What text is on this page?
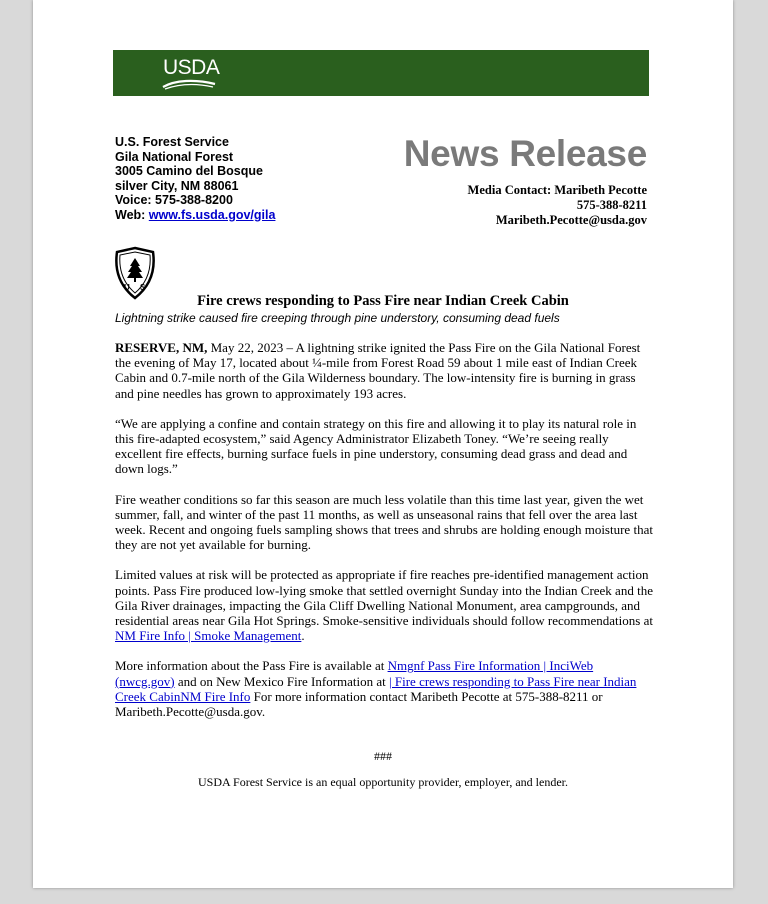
USDA
U.S. Forest Service
Gila National Forest
3005 Camino del Bosque
silver City, NM 88061
Voice: 575-388-8200
Web: www.fs.usda.gov/gila
News Release
Media Contact: Maribeth Pecotte
575-388-8211
Maribeth.Pecotte@usda.gov
U S
Fire crews responding to Pass Fire near Indian Creek Cabin
Lightning strike caused fire creeping through pine understory, consuming dead fuels

RESERVE, NM, May 22, 2023 – A lightning strike ignited the Pass Fire on the Gila National Forest the evening of May 17, located about ¼-mile from Forest Road 59 about 1 mile east of Indian Creek Cabin and 0.7-mile north of the Gila Wilderness boundary. The low-intensity fire is burning in grass and pine needles has grown to approximately 193 acres.

“We are applying a confine and contain strategy on this fire and allowing it to play its natural role in this fire-adapted ecosystem,” said Agency Administrator Elizabeth Toney. “We’re seeing really excellent fire effects, burning surface fuels in pine understory, consuming dead grass and dead and down logs.”

Fire weather conditions so far this season are much less volatile than this time last year, given the wet summer, fall, and winter of the past 11 months, as well as unseasonal rains that fell over the area last week. Recent and ongoing fuels sampling shows that trees and shrubs are holding enough moisture that they are not yet available for burning.

Limited values at risk will be protected as appropriate if fire reaches pre-identified management action points. Pass Fire produced low-lying smoke that settled overnight Sunday into the Indian Creek and the Gila River drainages, impacting the Gila Cliff Dwelling National Monument, area campgrounds, and residential areas near Gila Hot Springs. Smoke-sensitive individuals should follow recommendations at NM Fire Info | Smoke Management.

More information about the Pass Fire is available at Nmgnf Pass Fire Information | InciWeb (nwcg.gov) and on New Mexico Fire Information at | Fire crews responding to Pass Fire near Indian Creek CabinNM Fire Info For more information contact Maribeth Pecotte at 575-388-8211 or Maribeth.Pecotte@usda.gov.

###
USDA Forest Service is an equal opportunity provider, employer, and lender.
